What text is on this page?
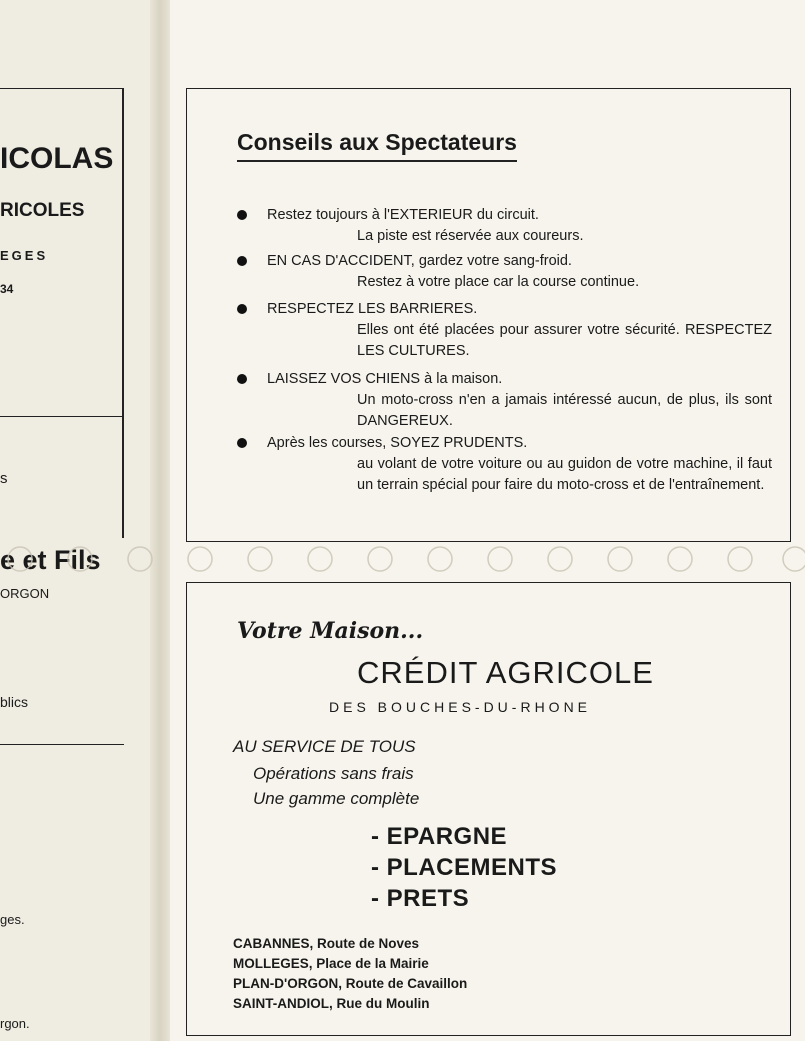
ICOLAS
RICOLES
EGES
34
s
e et Fils
ORGON
blics
ges.
rgon.
Conseils aux Spectateurs
Restez toujours à l'EXTERIEUR du circuit.
La piste est réservée aux coureurs.
EN CAS D'ACCIDENT, gardez votre sang-froid.
Restez à votre place car la course continue.
RESPECTEZ LES BARRIERES.
Elles ont été placées pour assurer votre sécurité. RESPECTEZ LES CULTURES.
LAISSEZ VOS CHIENS à la maison.
Un moto-cross n'en a jamais intéressé aucun, de plus, ils sont DANGEREUX.
Après les courses, SOYEZ PRUDENTS.
au volant de votre voiture ou au guidon de votre machine, il faut un terrain spécial pour faire du moto-cross et de l'entraînement.
Votre Maison...
CRÉDIT AGRICOLE
DES BOUCHES-DU-RHONE
AU SERVICE DE TOUS
Opérations sans frais
Une gamme complète
- EPARGNE
- PLACEMENTS
- PRETS
CABANNES, Route de Noves
MOLLEGES, Place de la Mairie
PLAN-D'ORGON, Route de Cavaillon
SAINT-ANDIOL, Rue du Moulin
